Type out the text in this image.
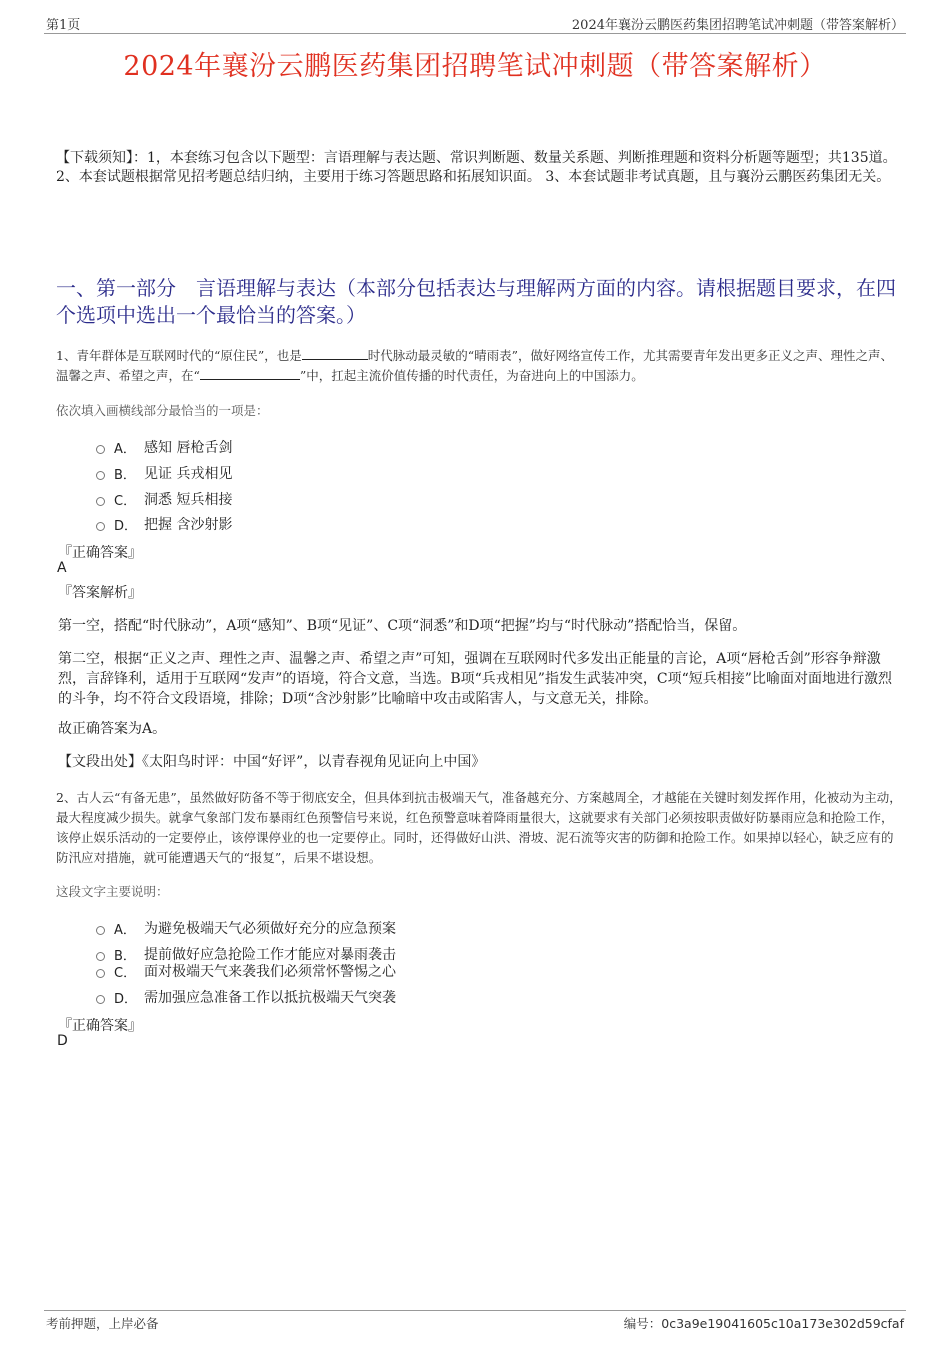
第1页	2024年襄汾云鹏医药集团招聘笔试冲刺题（带答案解析）
2024年襄汾云鹏医药集团招聘笔试冲刺题（带答案解析）
【下载须知】：1，本套练习包含以下题型：言语理解与表达题、常识判断题、数量关系题、判断推理题和资料分析题等题型；共135道。 2、本套试题根据常见招考题总结归纳，主要用于练习答题思路和拓展知识面。 3、本套试题非考试真题，且与襄汾云鹏医药集团无关。
一、第一部分　言语理解与表达（本部分包括表达与理解两方面的内容。请根据题目要求，在四个选项中选出一个最恰当的答案。）
1、青年群体是互联网时代的“原住民”，也是	时代脉动最灵敏的“晴雨表”，做好网络宣传工作，尤其需要青年发出更多正义之声、理性之声、温馨之声、希望之声，在“	”中，扛起主流价值传播的时代责任，为奋进向上的中国添力。
依次填入画横线部分最恰当的一项是：
A． 感知 唇枪舌剑
B． 见证 兵戎相见
C． 洞悉 短兵相接
D． 把握 含沙射影
『正确答案』
A
『答案解析』
第一空，搭配“时代脉动”，A项“感知”、B项“见证”、C项“洞悉”和D项“把握”均与“时代脉动”搭配恰当，保留。
第二空，根据“正义之声、理性之声、温馨之声、希望之声”可知，强调在互联网时代多发出正能量的言论，A项“唇枪舌剑”形容争辩激烈，言辞锋利，适用于互联网“发声”的语境，符合文意，当选。B项“兵戎相见”指发生武装冲突，C项“短兵相接”比喻面对面地进行激烈的斗争，均不符合文段语境，排除；D项“含沙射影”比喻暗中攻击或陷害人，与文意无关，排除。
故正确答案为A。
【文段出处】《太阳鸟时评：中国“好评”，以青春视角见证向上中国》
2、古人云“有备无患”，虽然做好防备不等于彻底安全，但具体到抗击极端天气，准备越充分、方案越周全，才越能在关键时刻发挥作用，化被动为主动，最大程度减少损失。就拿气象部门发布暴雨红色预警信号来说，红色预警意味着降雨量很大，这就要求有关部门必须按职责做好防暴雨应急和抢险工作，该停止娱乐活动的一定要停止，该停课停业的也一定要停止。同时，还得做好山洪、滑坡、泥石流等灾害的防御和抢险工作。如果掉以轻心，缺乏应有的防汛应对措施，就可能遭遇天气的“报复”，后果不堪设想。
这段文字主要说明：
A． 为避免极端天气必须做好充分的应急预案
B． 提前做好应急抢险工作才能应对暴雨袭击
C． 面对极端天气来袭我们必须常怀警惕之心
D． 需加强应急准备工作以抵抗极端天气突袭
『正确答案』
D
考前押题，上岸必备	编号：0c3a9e19041605c10a173e302d59cfaf
